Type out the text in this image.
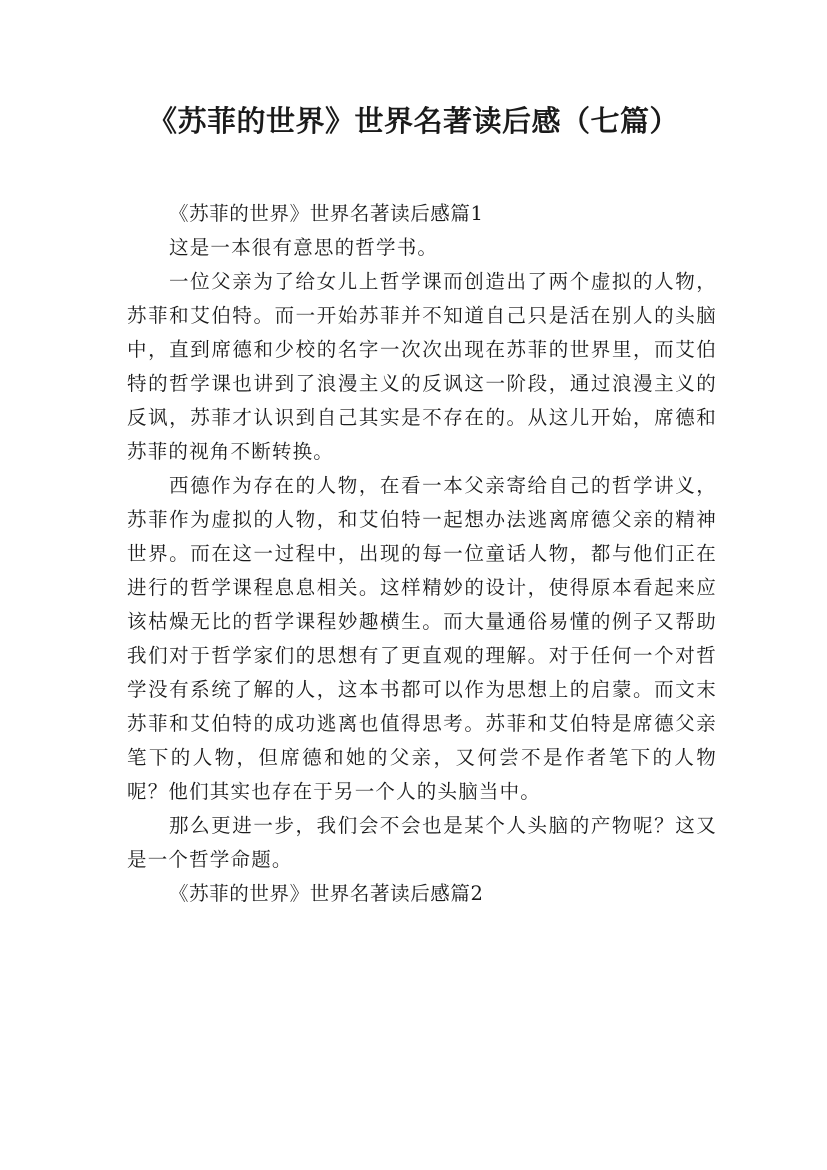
《苏菲的世界》世界名著读后感（七篇）

《苏菲的世界》世界名著读后感篇1

这是一本很有意思的哲学书。

一位父亲为了给女儿上哲学课而创造出了两个虚拟的人物，苏菲和艾伯特。而一开始苏菲并不知道自己只是活在别人的头脑中，直到席德和少校的名字一次次出现在苏菲的世界里，而艾伯特的哲学课也讲到了浪漫主义的反讽这一阶段，通过浪漫主义的反讽，苏菲才认识到自己其实是不存在的。从这儿开始，席德和苏菲的视角不断转换。

西德作为存在的人物，在看一本父亲寄给自己的哲学讲义，苏菲作为虚拟的人物，和艾伯特一起想办法逃离席德父亲的精神世界。而在这一过程中，出现的每一位童话人物，都与他们正在进行的哲学课程息息相关。这样精妙的设计，使得原本看起来应该枯燥无比的哲学课程妙趣横生。而大量通俗易懂的例子又帮助我们对于哲学家们的思想有了更直观的理解。对于任何一个对哲学没有系统了解的人，这本书都可以作为思想上的启蒙。而文末苏菲和艾伯特的成功逃离也值得思考。苏菲和艾伯特是席德父亲笔下的人物，但席德和她的父亲，又何尝不是作者笔下的人物呢？他们其实也存在于另一个人的头脑当中。

那么更进一步，我们会不会也是某个人头脑的产物呢？这又是一个哲学命题。

《苏菲的世界》世界名著读后感篇2
